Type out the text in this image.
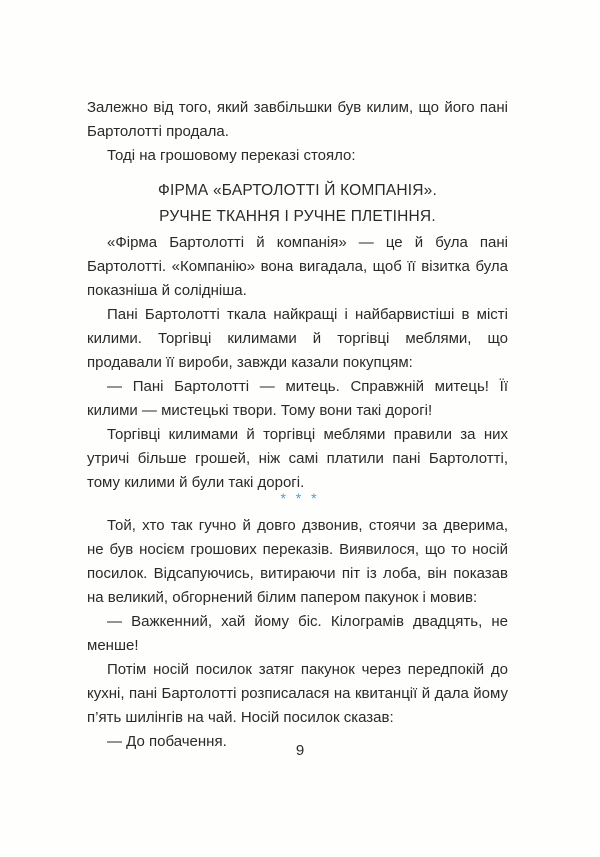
Залежно від того, який завбільшки був килим, що його пані Бартолотті продала.

Тоді на грошовому переказі стояло:

ФІРМА «БАРТОЛОТТІ Й КОМПАНІЯ».
РУЧНЕ ТКАННЯ І РУЧНЕ ПЛЕТІННЯ.

«Фірма Бартолотті й компанія» — це й була пані Бартолотті. «Компанію» вона вигадала, щоб її візитка була показніша й солідніша.

Пані Бартолотті ткала найкращі і найбарвистіші в місті килими. Торгівці килимами й торгівці меблями, що продавали її вироби, завжди казали покупцям:

— Пані Бартолотті — митець. Справжній митець! Її килими — мистецькі твори. Тому вони такі дорогі!

Торгівці килимами й торгівці меблями правили за них утричі більше грошей, ніж самі платили пані Бартолотті, тому килими й були такі дорогі.

* * *

Той, хто так гучно й довго дзвонив, стоячи за дверима, не був носієм грошових переказів. Виявилося, що то носій посилок. Відсапуючись, витираючи піт із лоба, він показав на великий, обгорнений білим папером пакунок і мовив:

— Важкенний, хай йому біс. Кілограмів двадцять, не менше!

Потім носій посилок затяг пакунок через передпокій до кухні, пані Бартолотті розписалася на квитанції й дала йому п’ять шилінгів на чай. Носій посилок сказав:

— До побачення.

9
